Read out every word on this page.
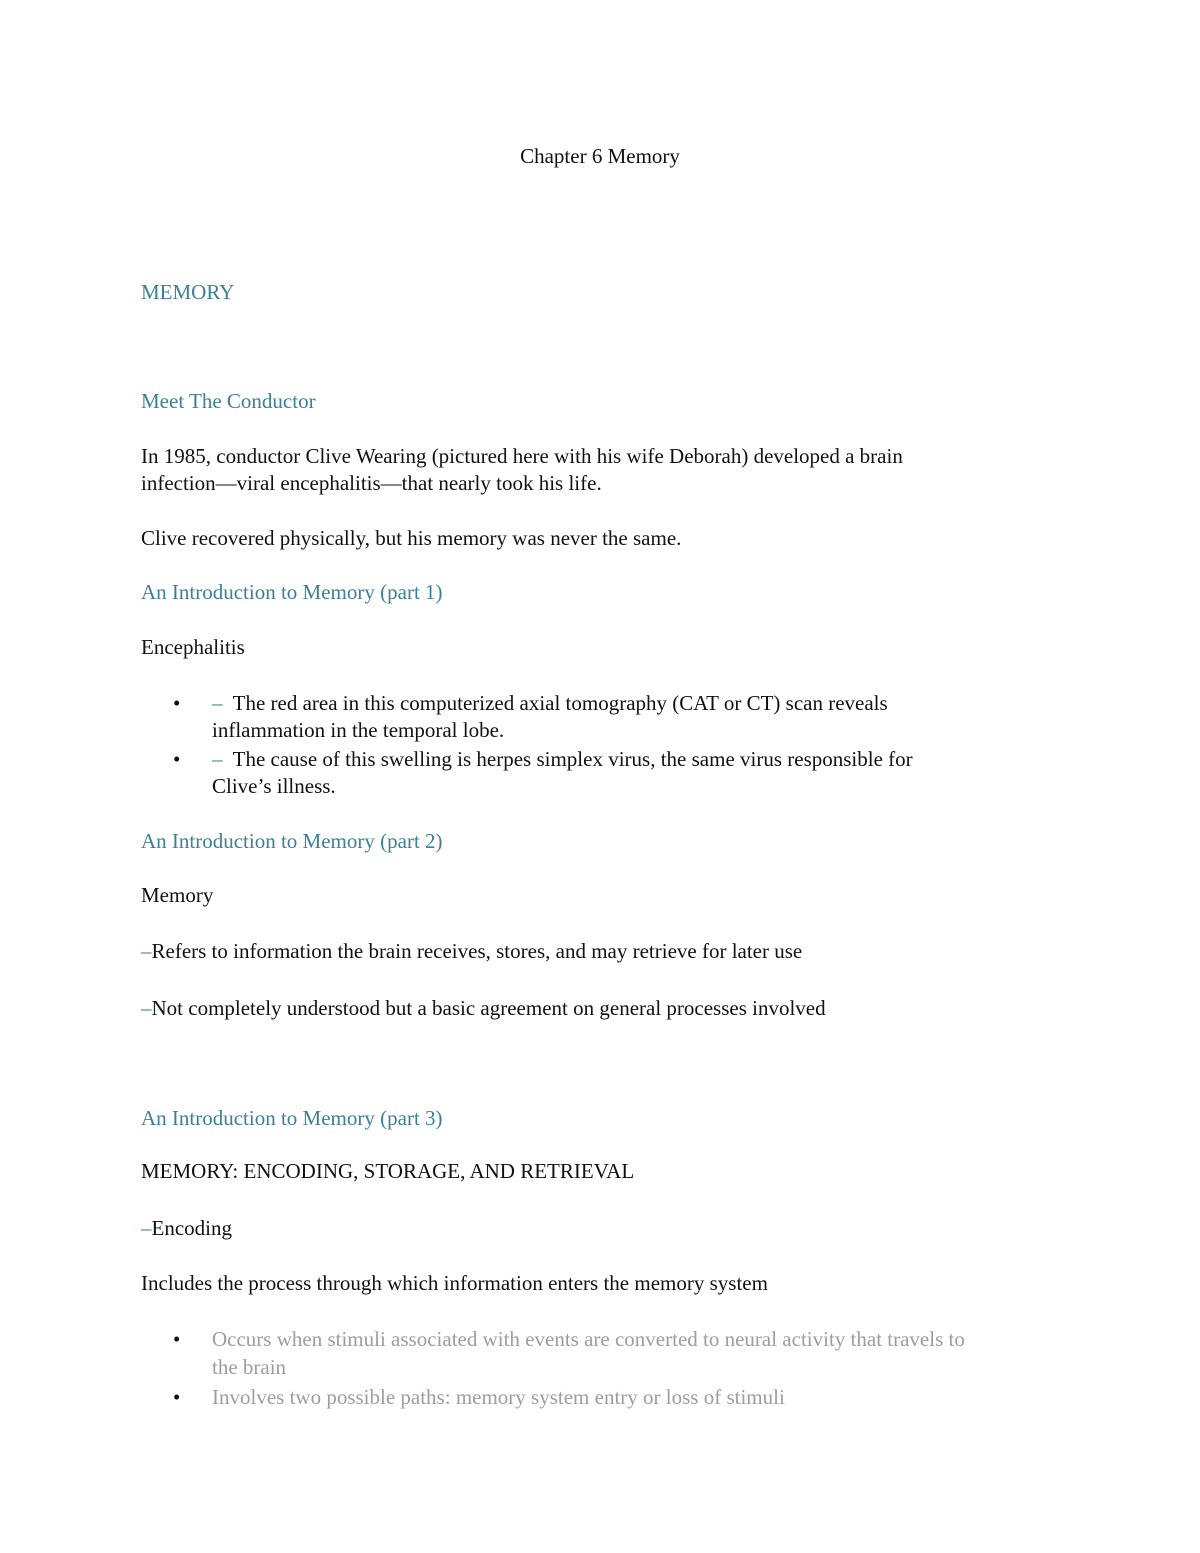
Chapter 6 Memory
MEMORY
Meet The Conductor

In 1985, conductor Clive Wearing (pictured here with his wife Deborah) developed a brain

infection—viral encephalitis—that nearly took his life.

Clive recovered physically, but his memory was never the same.

An Introduction to Memory (part 1)

Encephalitis

• – The red area in this computerized axial tomography (CAT or CT) scan reveals
inflammation in the temporal lobe.
• – The cause of this swelling is herpes simplex virus, the same virus responsible for
Clive’s illness.
An Introduction to Memory (part 2)

Memory

–Refers to information the brain receives, stores, and may retrieve for later use

–Not completely understood but a basic agreement on general processes involved

An Introduction to Memory (part 3)

MEMORY: ENCODING, STORAGE, AND RETRIEVAL

–Encoding

Includes the process through which information enters the memory system

• Occurs when stimuli associated with events are converted to neural activity that travels to
the brain
• Involves two possible paths: memory system entry or loss of stimuli
